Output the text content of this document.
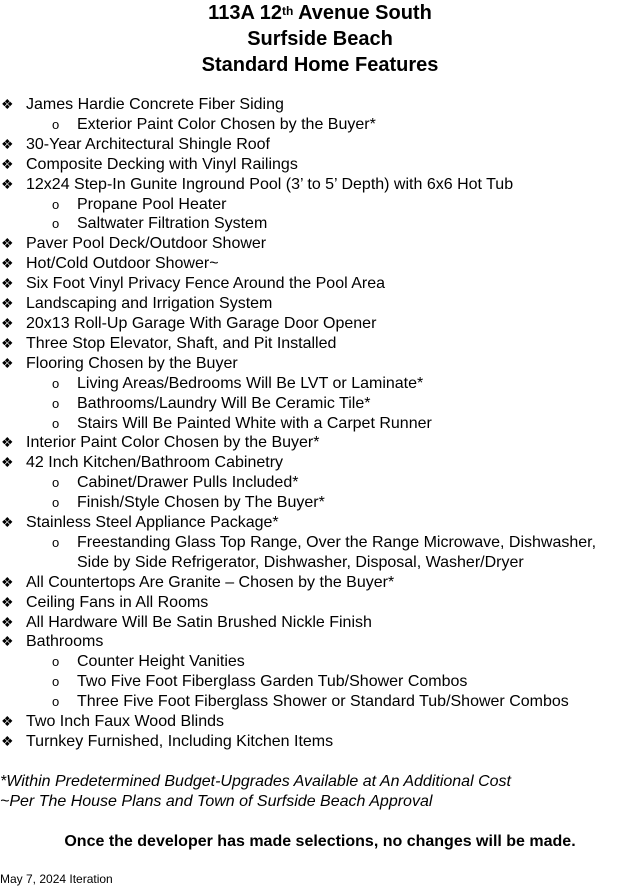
113A 12th Avenue South
Surfside Beach
Standard Home Features
❖ James Hardie Concrete Fiber Siding
o Exterior Paint Color Chosen by the Buyer*
❖ 30-Year Architectural Shingle Roof
❖ Composite Decking with Vinyl Railings
❖ 12x24 Step-In Gunite Inground Pool (3’ to 5’ Depth) with 6x6 Hot Tub
o Propane Pool Heater
o Saltwater Filtration System
❖ Paver Pool Deck/Outdoor Shower
❖ Hot/Cold Outdoor Shower~
❖ Six Foot Vinyl Privacy Fence Around the Pool Area
❖ Landscaping and Irrigation System
❖ 20x13 Roll-Up Garage With Garage Door Opener
❖ Three Stop Elevator, Shaft, and Pit Installed
❖ Flooring Chosen by the Buyer
o Living Areas/Bedrooms Will Be LVT or Laminate*
o Bathrooms/Laundry Will Be Ceramic Tile*
o Stairs Will Be Painted White with a Carpet Runner
❖ Interior Paint Color Chosen by the Buyer*
❖ 42 Inch Kitchen/Bathroom Cabinetry
o Cabinet/Drawer Pulls Included*
o Finish/Style Chosen by The Buyer*
❖ Stainless Steel Appliance Package*
o Freestanding Glass Top Range, Over the Range Microwave, Dishwasher,
Side by Side Refrigerator, Dishwasher, Disposal, Washer/Dryer
❖ All Countertops Are Granite – Chosen by the Buyer*
❖ Ceiling Fans in All Rooms
❖ All Hardware Will Be Satin Brushed Nickle Finish
❖ Bathrooms
o Counter Height Vanities
o Two Five Foot Fiberglass Garden Tub/Shower Combos
o Three Five Foot Fiberglass Shower or Standard Tub/Shower Combos
❖ Two Inch Faux Wood Blinds
❖ Turnkey Furnished, Including Kitchen Items
*Within Predetermined Budget-Upgrades Available at An Additional Cost
~Per The House Plans and Town of Surfside Beach Approval
Once the developer has made selections, no changes will be made.
May 7, 2024 Iteration
